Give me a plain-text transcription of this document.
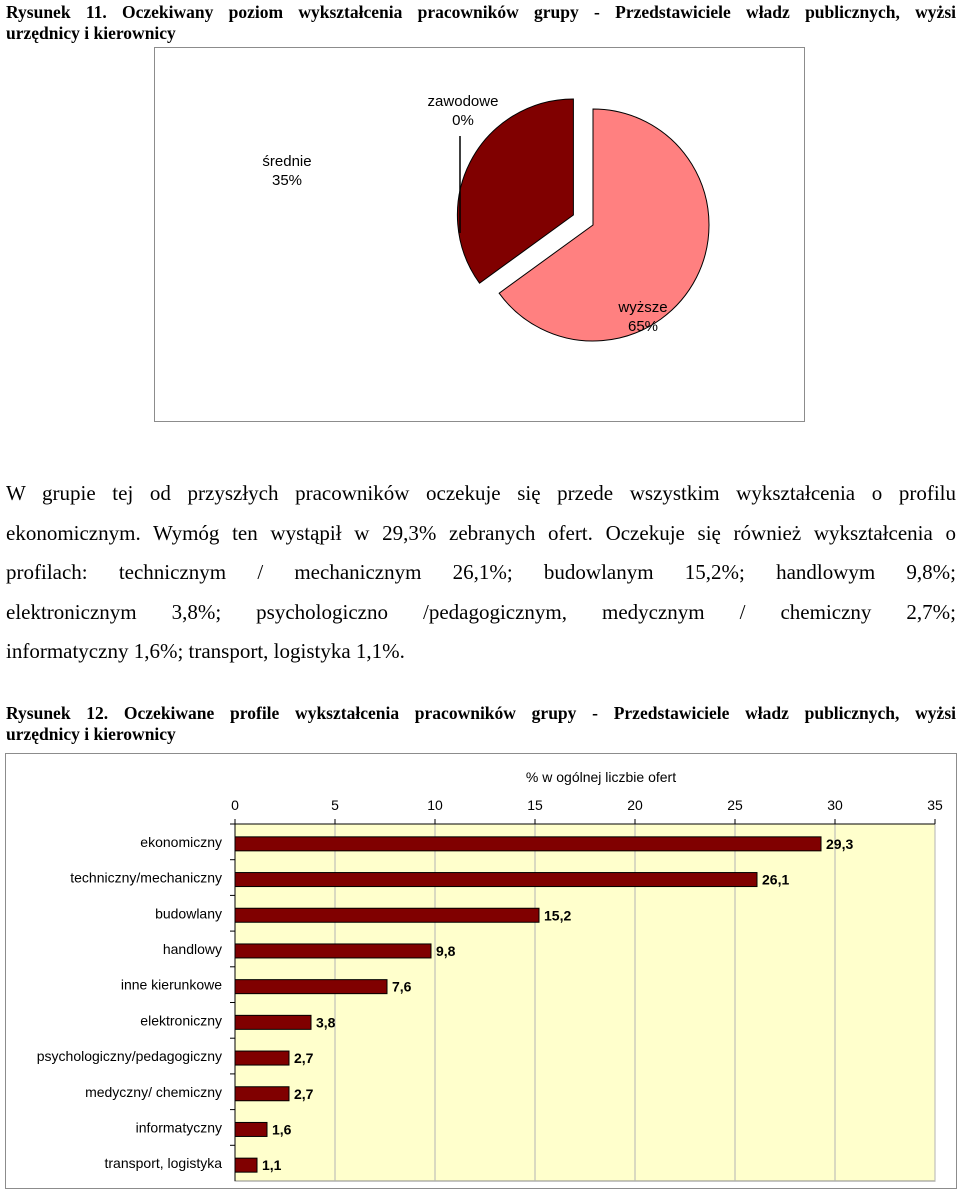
Rysunek 11. Oczekiwany poziom wykształcenia pracowników grupy - Przedstawiciele władz publicznych, wyżsi
urzędnicy i kierownicy
zawodowe
0%
wyższe
65%
średnie
35%
W grupie tej od przyszłych pracowników oczekuje się przede wszystkim wykształcenia o profilu
ekonomicznym. Wymóg ten wystąpił w 29,3% zebranych ofert. Oczekuje się również wykształcenia o
profilach: technicznym / mechanicznym 26,1%; budowlanym 15,2%; handlowym 9,8%;
elektronicznym 3,8%; psychologiczno /pedagogicznym, medycznym / chemiczny 2,7%;
informatyczny 1,6%; transport, logistyka 1,1%.
Rysunek 12. Oczekiwane profile wykształcenia pracowników grupy - Przedstawiciele władz publicznych, wyżsi
urzędnicy i kierownicy
% w ogólnej liczbie ofert
0	5	10	15	20	25	30	35
ekonomiczny	29,3
techniczny/mechaniczny	26,1
budowlany	15,2
handlowy	9,8
inne kierunkowe	7,6
elektroniczny	3,8
psychologiczny/pedagogiczny	2,7
medyczny/ chemiczny	2,7
informatyczny	1,6
transport, logistyka	1,1
